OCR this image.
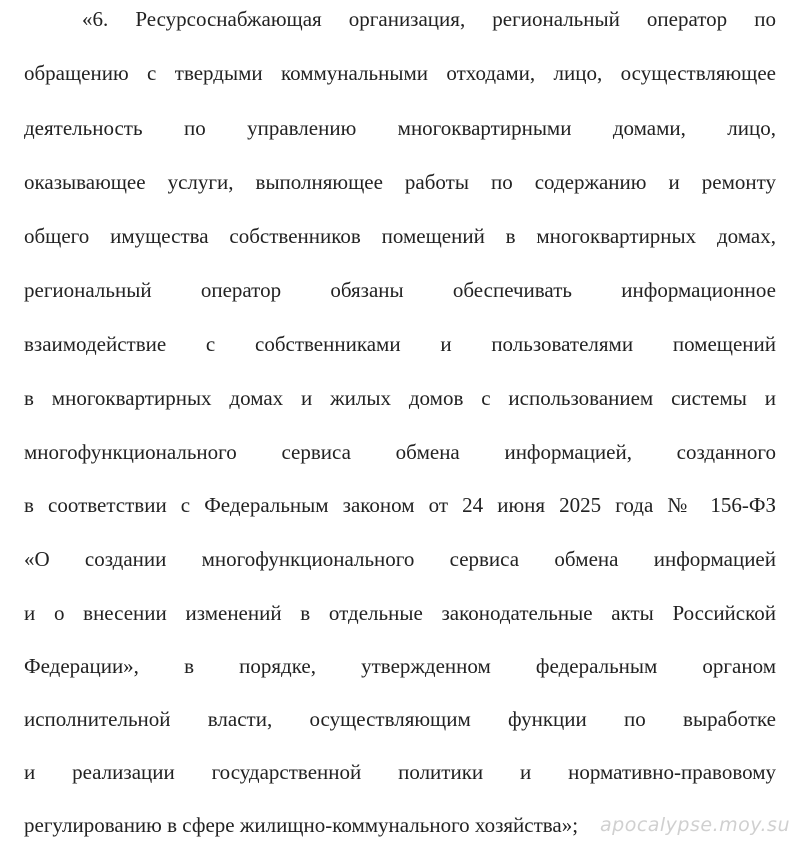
«6. Ресурсоснабжающая организация, региональный оператор по
обращению с твердыми коммунальными отходами, лицо, осуществляющее
деятельность по управлению многоквартирными домами, лицо,
оказывающее услуги, выполняющее работы по содержанию и ремонту
общего имущества собственников помещений в многоквартирных домах,
региональный оператор обязаны обеспечивать информационное
взаимодействие с собственниками и пользователями помещений
в многоквартирных домах и жилых домов с использованием системы и
многофункционального сервиса обмена информацией, созданного
в соответствии с Федеральным законом от 24 июня 2025 года № 156-ФЗ
«О создании многофункционального сервиса обмена информацией
и о внесении изменений в отдельные законодательные акты Российской
Федерации», в порядке, утвержденном федеральным органом
исполнительной власти, осуществляющим функции по выработке
и реализации государственной политики и нормативно-правовому
регулированию в сфере жилищно-коммунального хозяйства»; apocalypse.moy.su
